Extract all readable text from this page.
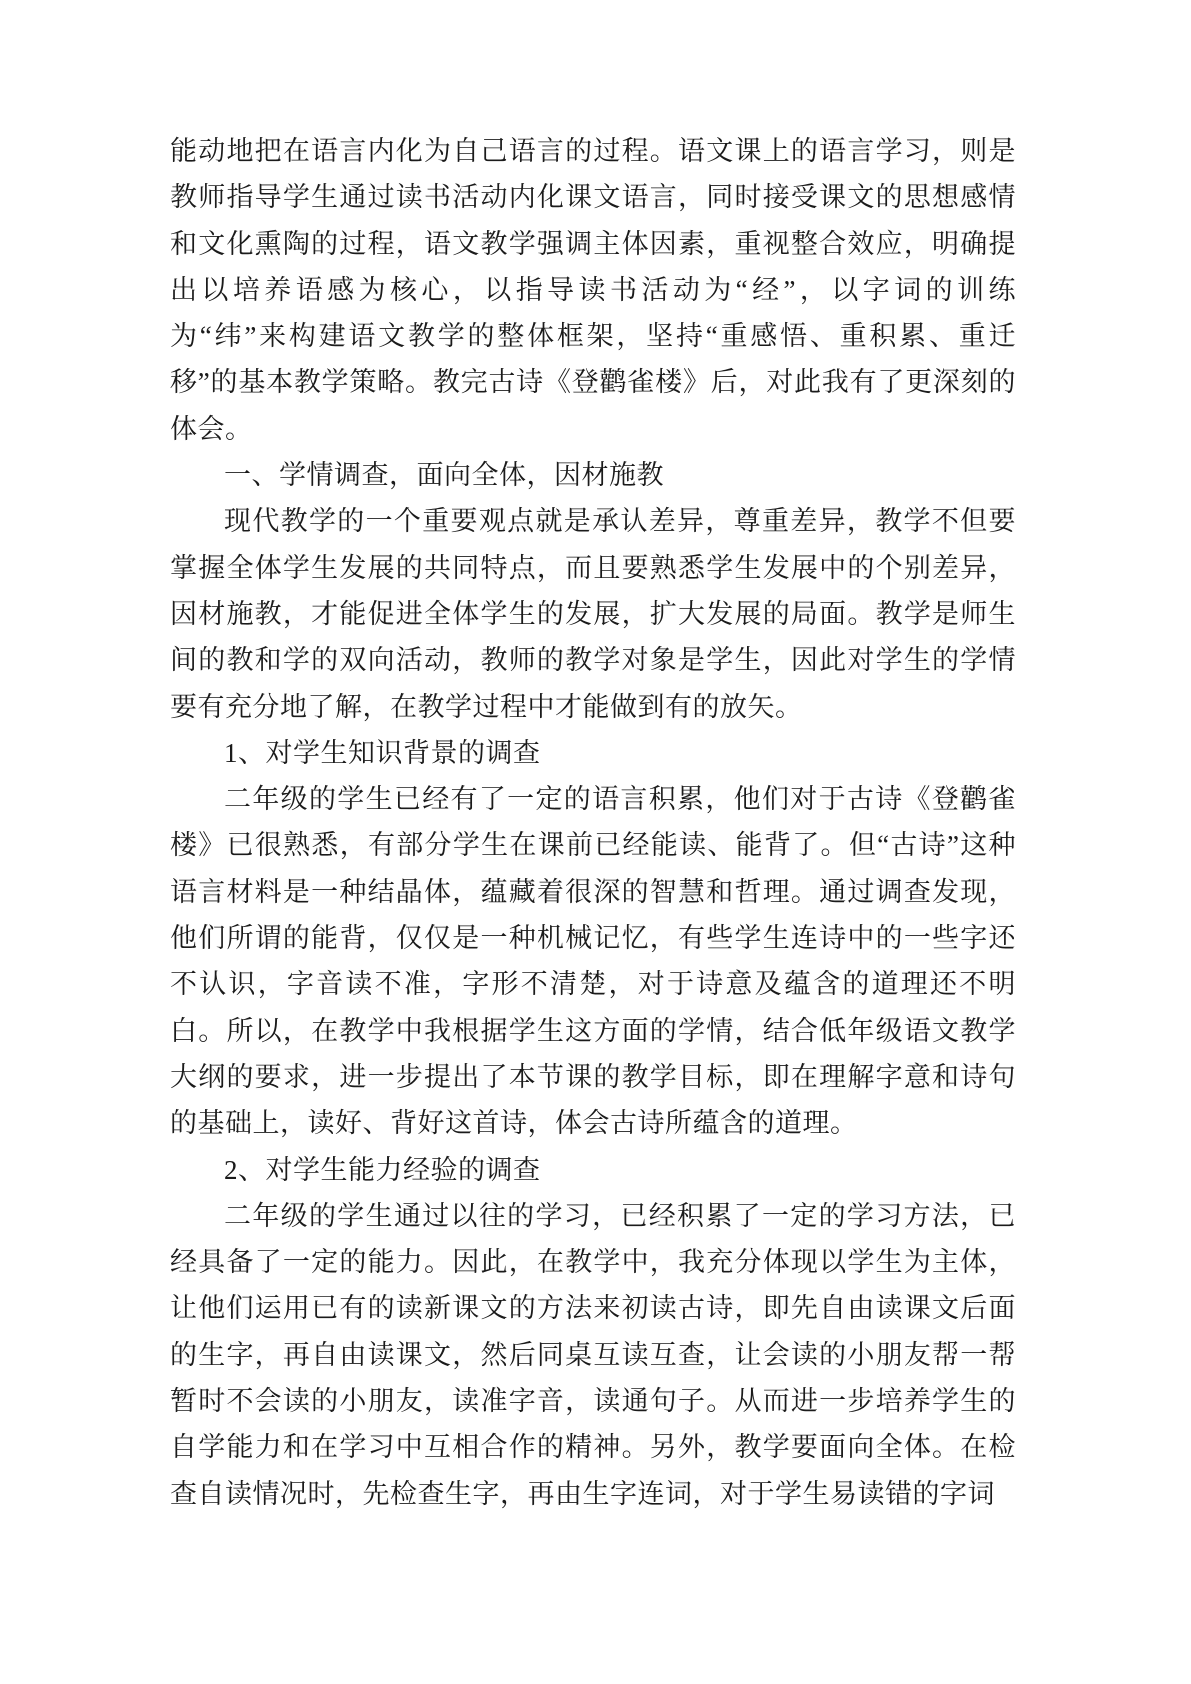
能动地把在语言内化为自己语言的过程。语文课上的语言学习，则是教师指导学生通过读书活动内化课文语言，同时接受课文的思想感情和文化熏陶的过程，语文教学强调主体因素，重视整合效应，明确提出以培养语感为核心，以指导读书活动为“经”，以字词的训练为“纬”来构建语文教学的整体框架，坚持“重感悟、重积累、重迁移”的基本教学策略。教完古诗《登鹳雀楼》后，对此我有了更深刻的体会。

一、学情调查，面向全体，因材施教

现代教学的一个重要观点就是承认差异，尊重差异，教学不但要掌握全体学生发展的共同特点，而且要熟悉学生发展中的个别差异，因材施教，才能促进全体学生的发展，扩大发展的局面。教学是师生间的教和学的双向活动，教师的教学对象是学生，因此对学生的学情要有充分地了解，在教学过程中才能做到有的放矢。

1、对学生知识背景的调查

二年级的学生已经有了一定的语言积累，他们对于古诗《登鹳雀楼》已很熟悉，有部分学生在课前已经能读、能背了。但“古诗”这种语言材料是一种结晶体，蕴藏着很深的智慧和哲理。通过调查发现，他们所谓的能背，仅仅是一种机械记忆，有些学生连诗中的一些字还不认识，字音读不准，字形不清楚，对于诗意及蕴含的道理还不明白。所以，在教学中我根据学生这方面的学情，结合低年级语文教学大纲的要求，进一步提出了本节课的教学目标，即在理解字意和诗句的基础上，读好、背好这首诗，体会古诗所蕴含的道理。

2、对学生能力经验的调查

二年级的学生通过以往的学习，已经积累了一定的学习方法，已经具备了一定的能力。因此，在教学中，我充分体现以学生为主体，让他们运用已有的读新课文的方法来初读古诗，即先自由读课文后面的生字，再自由读课文，然后同桌互读互查，让会读的小朋友帮一帮暂时不会读的小朋友，读准字音，读通句子。从而进一步培养学生的自学能力和在学习中互相合作的精神。另外，教学要面向全体。在检查自读情况时，先检查生字，再由生字连词，对于学生易读错的字词
